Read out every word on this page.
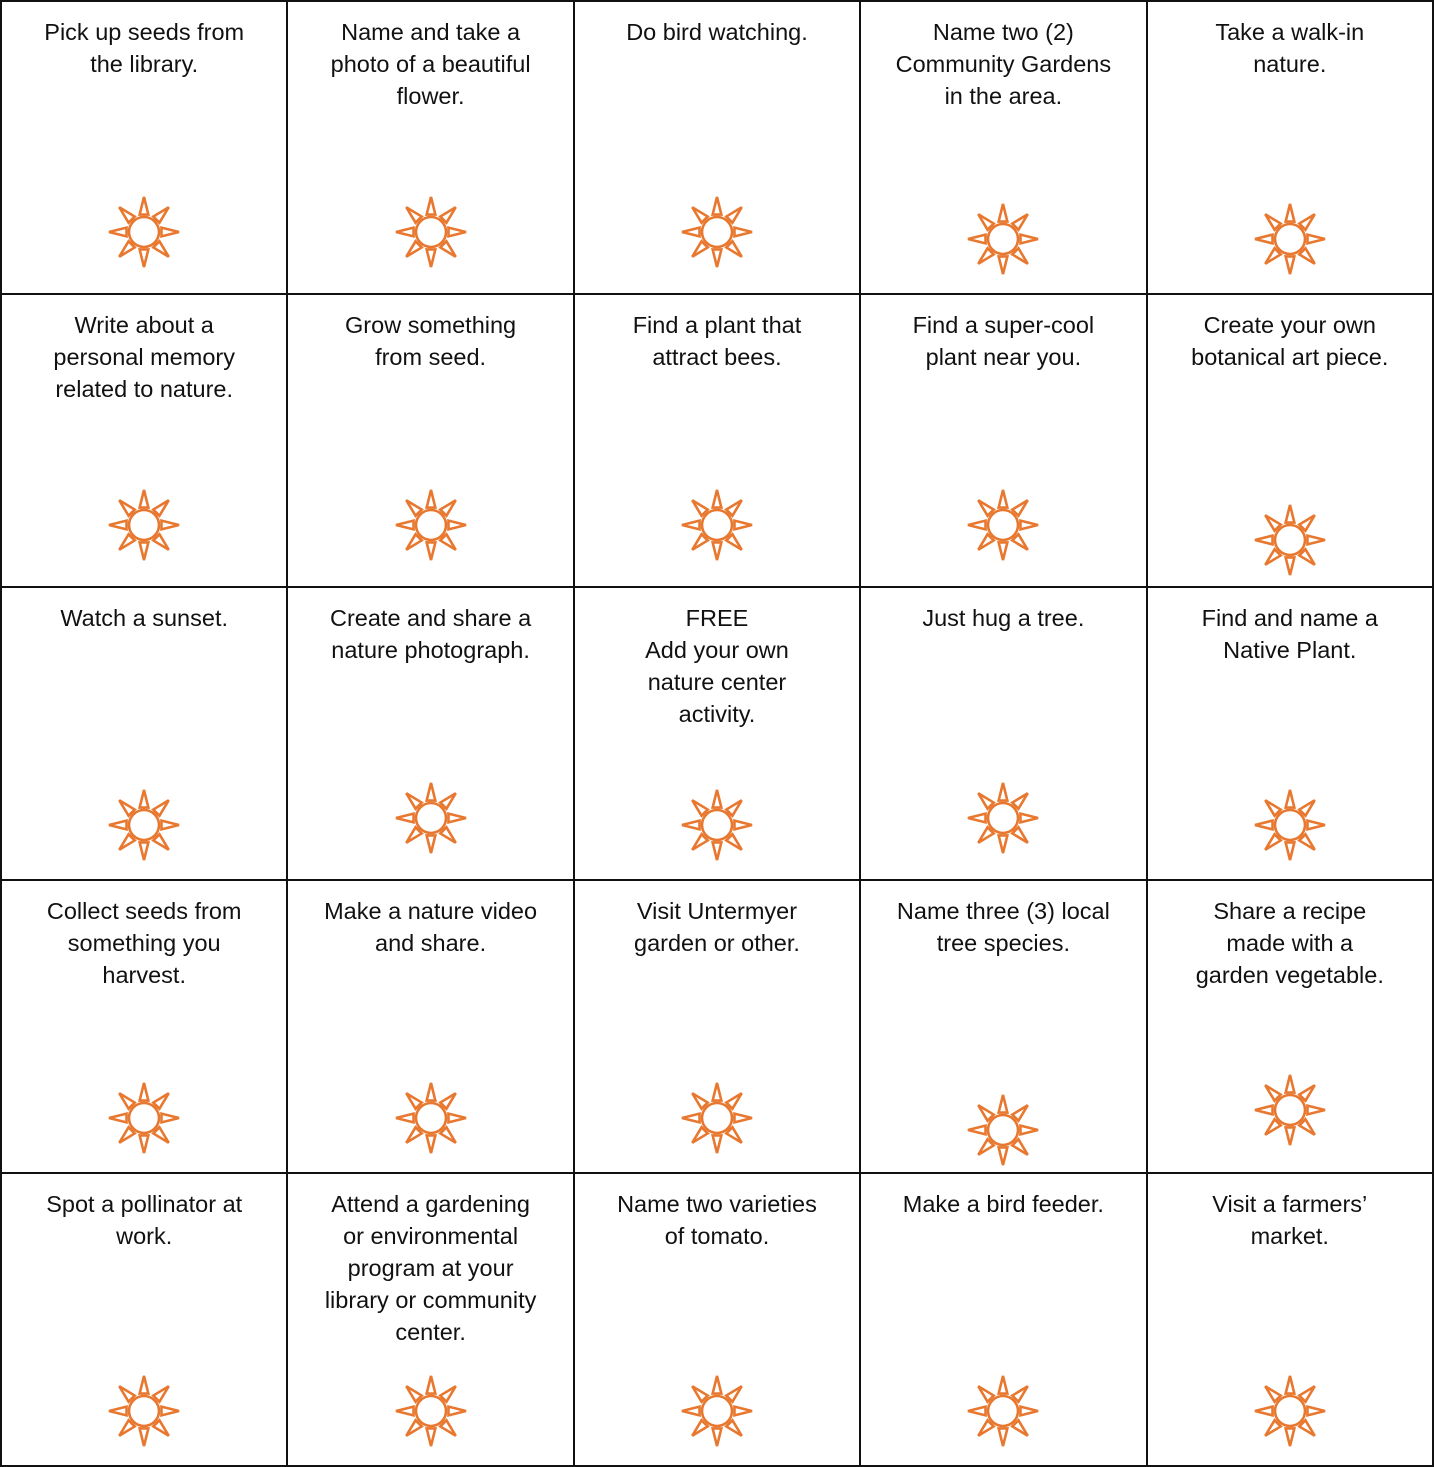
Pick up seeds from
the library.	Name and take a
photo of a beautiful
flower.	Do bird watching.	Name two (2)
Community Gardens
in the area.	Take a walk-in
nature.

Write about a
personal memory
related to nature.	Grow something
from seed.	Find a plant that
attract bees.	Find a super-cool
plant near you.	Create your own
botanical art piece.

Watch a sunset.	Create and share a
nature photograph.	FREE
Add your own
nature center
activity.	Just hug a tree.	Find and name a
Native Plant.

Collect seeds from
something you
harvest.	Make a nature video
and share.	Visit Untermyer
garden or other.	Name three (3) local
tree species.	Share a recipe
made with a
garden vegetable.

Spot a pollinator at
work.	Attend a gardening
or environmental
program at your
library or community
center.	Name two varieties
of tomato.	Make a bird feeder.	Visit a farmers’
market.
